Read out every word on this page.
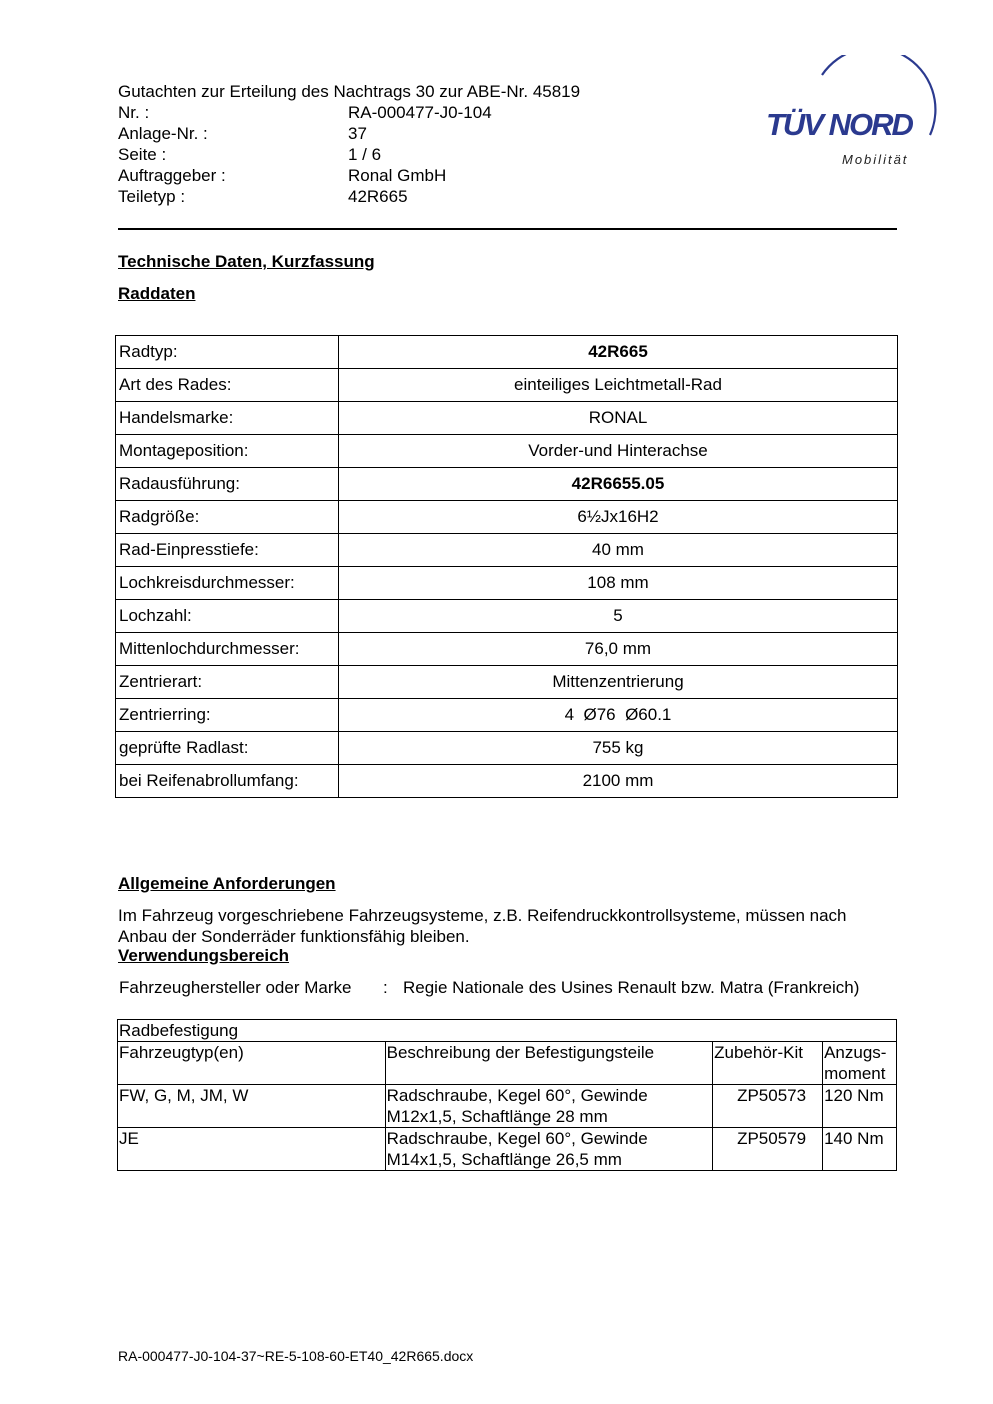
Gutachten zur Erteilung des Nachtrags 30 zur ABE-Nr. 45819
Nr. :	RA-000477-J0-104
Anlage-Nr. :	37
Seite :	1 / 6
Auftraggeber :	Ronal GmbH
Teiletyp :	42R665
TÜV NORD
Mobilität
Technische Daten, Kurzfassung
Raddaten
Radtyp:	42R665
Art des Rades:	einteiliges Leichtmetall-Rad
Handelsmarke:	RONAL
Montageposition:	Vorder-und Hinterachse
Radausführung:	42R6655.05
Radgröße:	6½Jx16H2
Rad-Einpresstiefe:	40 mm
Lochkreisdurchmesser:	108 mm
Lochzahl:	5
Mittenlochdurchmesser:	76,0 mm
Zentrierart:	Mittenzentrierung
Zentrierring:	4  Ø76  Ø60.1
geprüfte Radlast:	755 kg
bei Reifenabrollumfang:	2100 mm
Allgemeine Anforderungen
Im Fahrzeug vorgeschriebene Fahrzeugsysteme, z.B. Reifendruckkontrollsysteme, müssen nach Anbau der Sonderräder funktionsfähig bleiben.
Verwendungsbereich
Fahrzeughersteller oder Marke : Regie Nationale des Usines Renault bzw. Matra (Frankreich)
Radbefestigung			
Fahrzeugtyp(en)	Beschreibung der Befestigungsteile	Zubehör-Kit	Anzugs-moment
FW, G, M, JM, W	Radschraube, Kegel 60°, Gewinde M12x1,5, Schaftlänge 28 mm	ZP50573	120 Nm
JE	Radschraube, Kegel 60°, Gewinde M14x1,5, Schaftlänge 26,5 mm	ZP50579	140 Nm
RA-000477-J0-104-37~RE-5-108-60-ET40_42R665.docx
